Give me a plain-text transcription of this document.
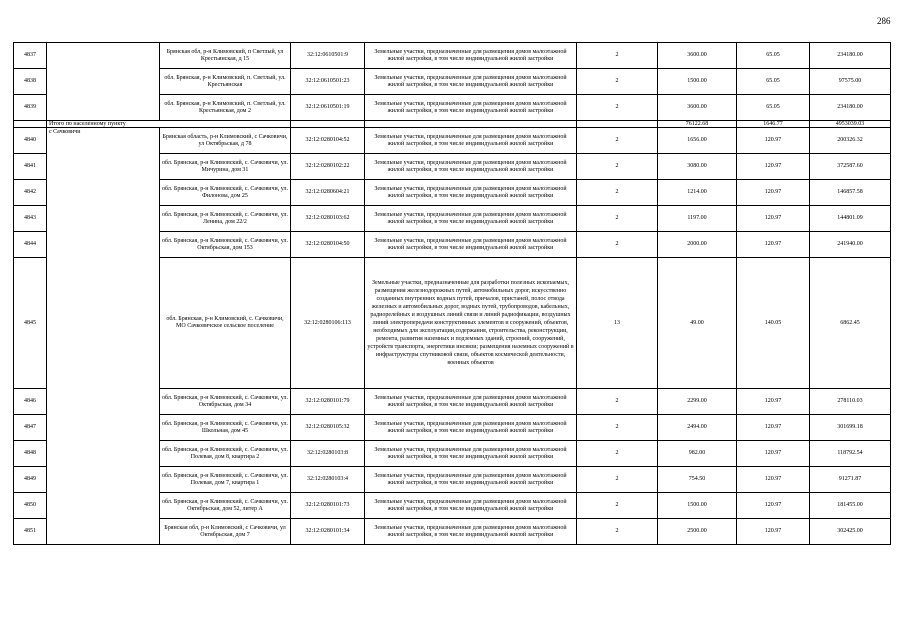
286
4837		Брянская обл, р-н Климовский, п Светлый, ул Крестьянская, д 15	32:12:0610501:9	Земельные участки, предназначенные для размещения домов малоэтажной жилой застройки, в том числе индивидуальной жилой застройки	2	3600.00	65.05	234180.00
4838		обл. Брянская, р-н Климовский, п. Светлый, ул. Крестьянская	32:12:0610501:23	Земельные участки, предназначенные для размещения домов малоэтажной жилой застройки, в том числе индивидуальной жилой застройки	2	1500.00	65.05	97575.00
4839		обл. Брянская, р-н Климовский, п. Светлый, ул. Крестьянская, дом 2	32:12:0610501:19	Земельные участки, предназначенные для размещения домов малоэтажной жилой застройки, в том числе индивидуальной жилой застройки	2	3600.00	65.05	234180.00
	Итого по населенному пункту					76122.68	1646.77	4953039.03
4840	с Сачковичи	Брянская область, р-н Климовский, с Сачковичи, ул Октябрьская, д 78	32:12:0280104:52	Земельные участки, предназначенные для размещения домов малоэтажной жилой застройки, в том числе индивидуальной жилой застройки	2	1656.00	120.97	200326.32
4841		обл. Брянская, р-н Климовский, с. Сачковичи, ул. Мичурина, дом 31	32:12:0280102:22	Земельные участки, предназначенные для размещения домов малоэтажной жилой застройки, в том числе индивидуальной жилой застройки	2	3080.00	120.97	372587.60
4842		обл. Брянская, р-н Климовский, с. Сачковичи, ул. Филонова, дом 25	32:12:0280604:21	Земельные участки, предназначенные для размещения домов малоэтажной жилой застройки, в том числе индивидуальной жилой застройки	2	1214.00	120.97	146857.58
4843		обл. Брянская, р-н Климовский, с. Сачковичи, ул. Ленина, дом 22/2	32:12:0280103:62	Земельные участки, предназначенные для размещения домов малоэтажной жилой застройки, в том числе индивидуальной жилой застройки	2	1197.00	120.97	144801.09
4844		обл. Брянская, р-н Климовский, с. Сачковичи, ул. Октябрьская, дом 153	32:12:0280104:50	Земельные участки, предназначенные для размещения домов малоэтажной жилой застройки, в том числе индивидуальной жилой застройки	2	2000.00	120.97	241940.00
4845		обл. Брянская, р-н Климовский, с. Сачковичи, МО Сачковичское сельское поселение	32:12:0280106:113	Земельные участки, предназначенные для разработки полезных ископаемых, размещения железнодорожных путей, автомобильных дорог, искусственно созданных внутренних водных путей, причалов, пристаней, полос отвода железных и автомобильных дорог, водных путей, трубопроводов, кабельных, радиорелейных и воздушных линий связи и линий радиофикации, воздушных линий электропередачи конструктивных элементов и сооружений, объектов, необходимых для эксплуатации,содержания, строительства, реконструкции, ремонта, развития наземных и подземных зданий, строений, сооружений, устройств транспорта, энергетики инсвязи; размещения наземных сооружений в инфраструктуры спутниковой связи, объектов космической деятельности, военных объектов	13	49.00	140.05	6862.45
4846		обл. Брянская, р-н Климовский, с. Сачковичи, ул. Октябрьская, дом 34	32:12:0280101:79	Земельные участки, предназначенные для размещения домов малоэтажной жилой застройки, в том числе индивидуальной жилой застройки	2	2299.00	120.97	278110.03
4847		обл. Брянская, р-н Климовский, с. Сачковичи, ул. Школьная, дом 45	32:12:0280105:32	Земельные участки, предназначенные для размещения домов малоэтажной жилой застройки, в том числе индивидуальной жилой застройки	2	2494.00	120.97	301699.18
4848		обл. Брянская, р-н Климовский, с. Сачковичи, ул. Полевая, дом 8, квартира 2	32:12:0280103:8	Земельные участки, предназначенные для размещения домов малоэтажной жилой застройки, в том числе индивидуальной жилой застройки	2	982.00	120.97	118792.54
4849		обл. Брянская, р-н Климовский, с. Сачковичи, ул. Полевая, дом 7, квартира 1	32:12:0280103:4	Земельные участки, предназначенные для размещения домов малоэтажной жилой застройки, в том числе индивидуальной жилой застройки	2	754.50	120.97	91271.87
4850		обл. Брянская, р-н Климовский, с. Сачковичи, ул. Октябрьская, дом 52, литер А	32:12:0280101:73	Земельные участки, предназначенные для размещения домов малоэтажной жилой застройки, в том числе индивидуальной жилой застройки	2	1500.00	120.97	181455.00
4851		Брянская обл, р-н Климовский, с Сачковичи, ул Октябрьская, дом 7	32:12:0280101:34	Земельные участки, предназначенные для размещения домов малоэтажной жилой застройки, в том числе индивидуальной жилой застройки	2	2500.00	120.97	302425.00
